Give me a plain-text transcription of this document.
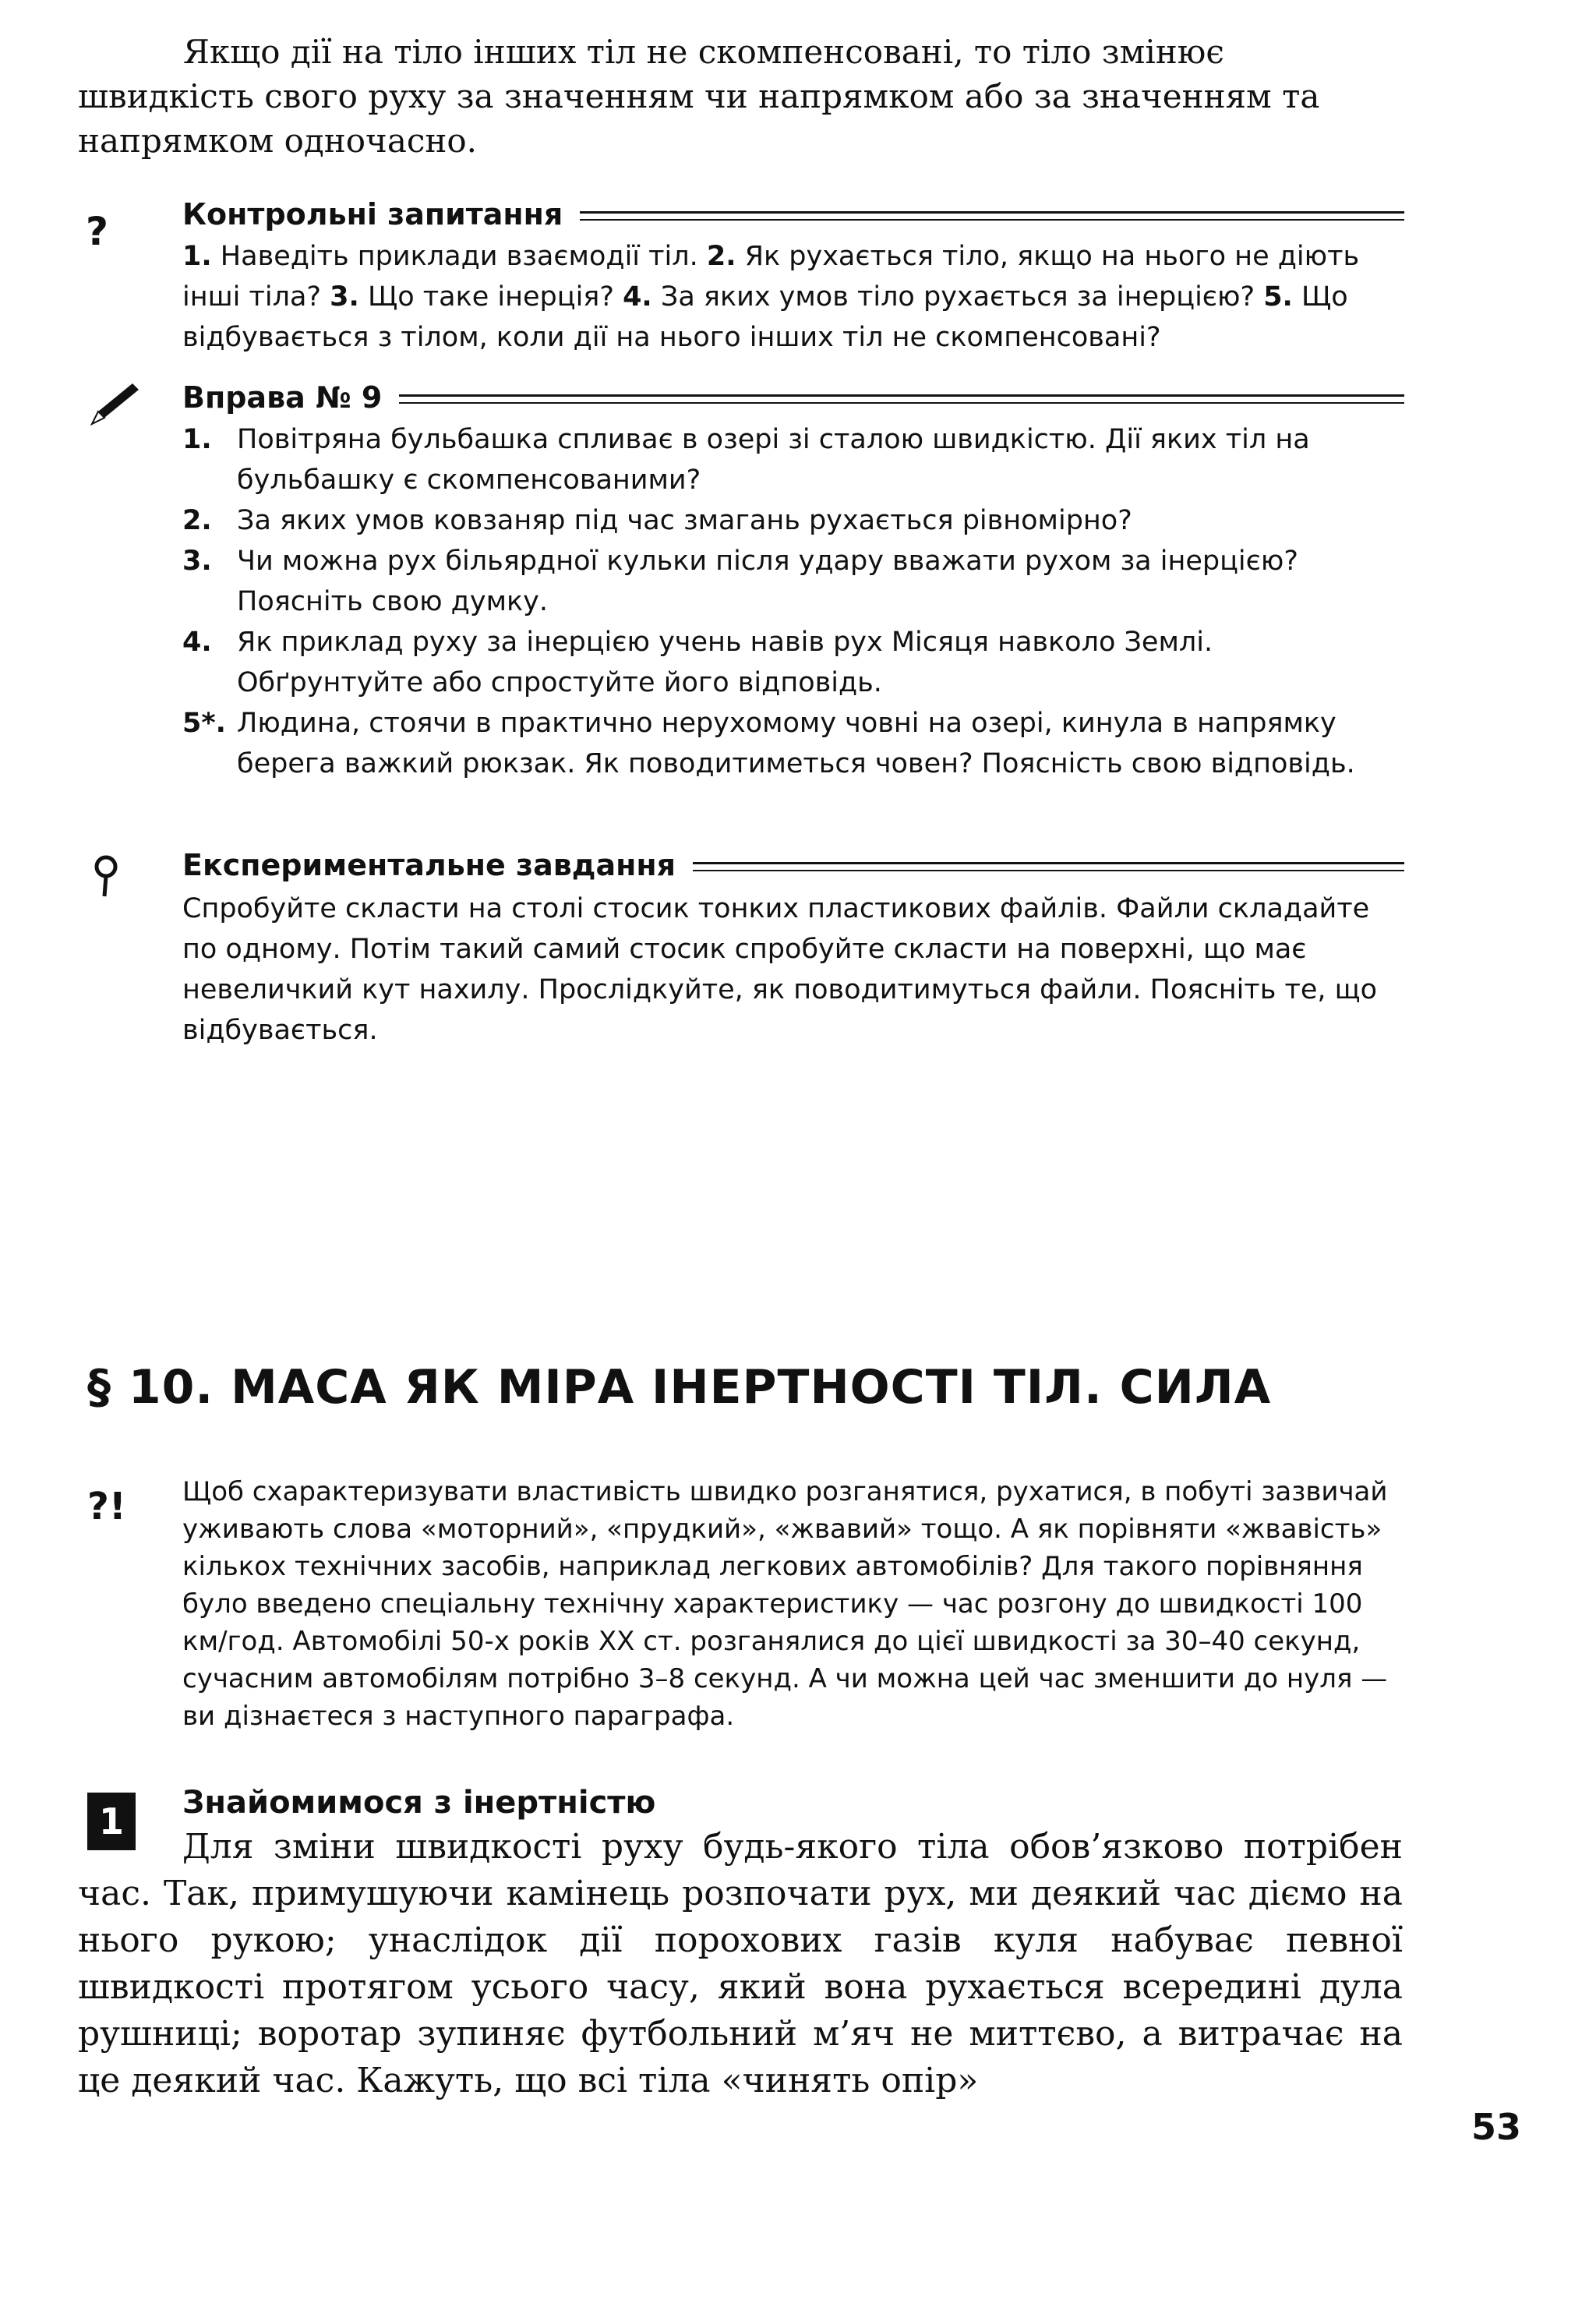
Якщо дії на тіло інших тіл не скомпенсовані, то тіло змінює швидкість свого руху за значенням чи напрямком або за значенням та напрямком одночасно.

? Контрольні запитання

1. Наведіть приклади взаємодії тіл. 2. Як рухається тіло, якщо на нього не діють інші тіла? 3. Що таке інерція? 4. За яких умов тіло рухається за інерцією? 5. Що відбувається з тілом, коли дії на нього інших тіл не скомпенсовані?

Вправа № 9
1. Повітряна бульбашка спливає в озері зі сталою швидкістю. Дії яких тіл на бульбашку є скомпенсованими?
2. За яких умов ковзаняр під час змагань рухається рівномірно?
3. Чи можна рух більярдної кульки після удару вважати рухом за інерцією? Поясніть свою думку.
4. Як приклад руху за інерцією учень навів рух Місяця навколо Землі. Обґрунтуйте або спростуйте його відповідь.
5*. Людина, стоячи в практично нерухомому човні на озері, кинула в напрямку берега важкий рюкзак. Як поводитиметься човен? Поясність свою відповідь.
Експериментальне завдання

Спробуйте скласти на столі стосик тонких пластикових файлів. Файли складайте по одному. Потім такий самий стосик спробуйте скласти на поверхні, що має невеличкий кут нахилу. Прослідкуйте, як поводитимуться файли. Поясніть те, що відбувається.

§ 10. МАСА ЯК МІРА ІНЕРТНОСТІ ТІЛ. СИЛА
?! Щоб схарактеризувати властивість швидко розганятися, рухатися, в побуті зазвичай уживають слова «моторний», «прудкий», «жвавий» тощо. А як порівняти «жвавість» кількох технічних засобів, наприклад легкових автомобілів? Для такого порівняння було введено спеціальну технічну характеристику — час розгону до швидкості 100 км/год. Автомобілі 50-х років XX ст. розганялися до цієї швидкості за 30–40 секунд, сучасним автомобілям потрібно 3–8 секунд. А чи можна цей час зменшити до нуля — ви дізнаєтеся з наступного параграфа.

1	Знайомимося з інертністю

Для зміни швидкості руху будь-якого тіла обов’язково потрібен час. Так, примушуючи камінець розпочати рух, ми деякий час діємо на нього рукою; унаслідок дії порохових газів куля набуває певної швидкості протягом усього часу, який вона рухається всередині дула рушниці; воротар зупиняє футбольний м’яч не миттєво, а витрачає на це деякий час. Кажуть, що всі тіла «чинять опір»

53
